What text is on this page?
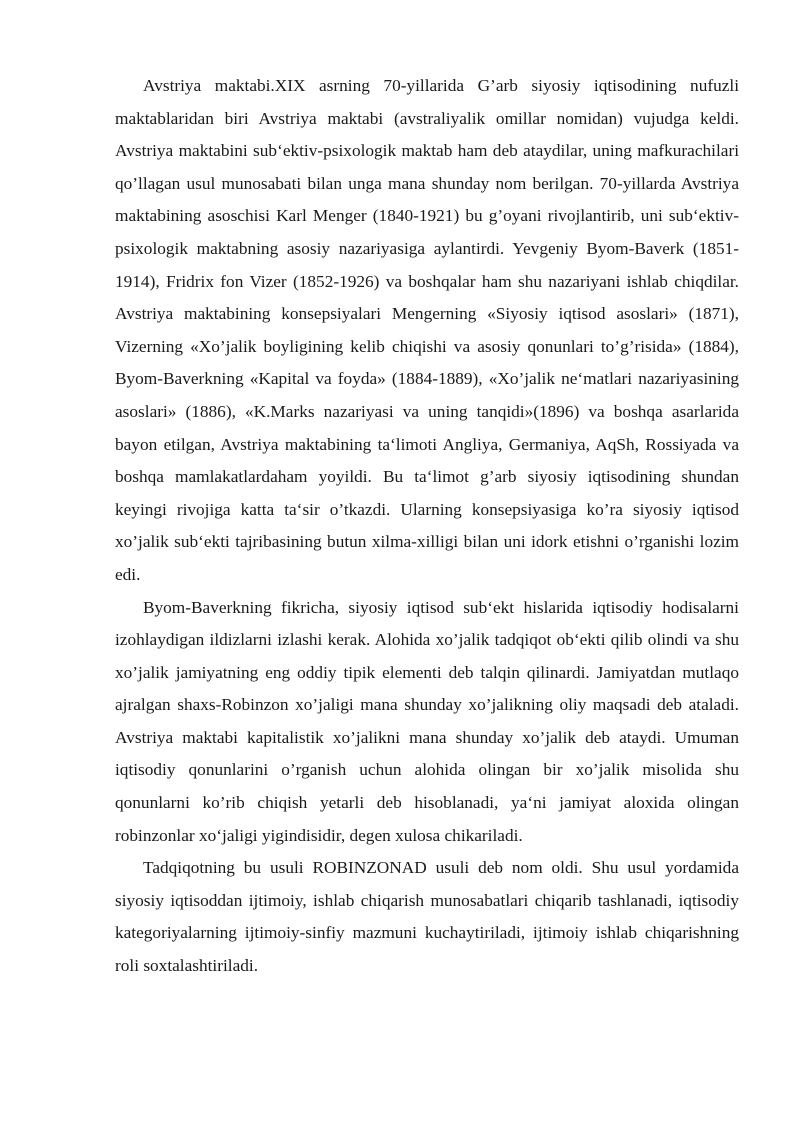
Avstriya maktabi.XIX asrning 70-yillarida G’arb siyosiy iqtisodining nufuzli maktablaridan biri Avstriya maktabi (avstraliyalik omillar nomidan) vujudga keldi. Avstriya maktabini sub‘ektiv-psixologik maktab ham deb ataydilar, uning mafkurachilari qo’llagan usul munosabati bilan unga mana shunday nom berilgan. 70-yillarda Avstriya maktabining asoschisi Karl Menger (1840-1921) bu g’oyani rivojlantirib, uni sub‘ektiv-psixologik maktabning asosiy nazariyasiga aylantirdi. Yevgeniy Byom-Baverk (1851-1914), Fridrix fon Vizer (1852-1926) va boshqalar ham shu nazariyani ishlab chiqdilar. Avstriya maktabining konsepsiyalari Mengerning «Siyosiy iqtisod asoslari» (1871), Vizerning «Xo’jalik boyligining kelib chiqishi va asosiy qonunlari to’g’risida» (1884), Byom-Baverkning «Kapital va foyda» (1884-1889), «Xo’jalik ne‘matlari nazariyasining asoslari» (1886), «K.Marks nazariyasi va uning tanqidi»(1896) va boshqa asarlarida bayon etilgan, Avstriya maktabining ta‘limoti Angliya, Germaniya, AqSh, Rossiyada va boshqa mamlakatlardaham yoyildi. Bu ta‘limot g’arb siyosiy iqtisodining shundan keyingi rivojiga katta ta‘sir o’tkazdi. Ularning konsepsiyasiga ko’ra siyosiy iqtisod xo’jalik sub‘ekti tajribasining butun xilma-xilligi bilan uni idork etishni o’rganishi lozim edi.

Byom-Baverkning fikricha, siyosiy iqtisod sub‘ekt hislarida iqtisodiy hodisalarni izohlaydigan ildizlarni izlashi kerak. Alohida xo’jalik tadqiqot ob‘ekti qilib olindi va shu xo’jalik jamiyatning eng oddiy tipik elementi deb talqin qilinardi. Jamiyatdan mutlaqo ajralgan shaxs-Robinzon xo’jaligi mana shunday xo’jalikning oliy maqsadi deb ataladi. Avstriya maktabi kapitalistik xo’jalikni mana shunday xo’jalik deb ataydi. Umuman iqtisodiy qonunlarini o’rganish uchun alohida olingan bir xo’jalik misolida shu qonunlarni ko’rib chiqish yetarli deb hisoblanadi, ya‘ni jamiyat aloxida olingan robinzonlar xo‘jaligi yigindisidir, degen xulosa chikariladi.

Tadqiqotning bu usuli ROBINZONAD usuli deb nom oldi. Shu usul yordamida siyosiy iqtisoddan ijtimoiy, ishlab chiqarish munosabatlari chiqarib tashlanadi, iqtisodiy kategoriyalarning ijtimoiy-sinfiy mazmuni kuchaytiriladi, ijtimoiy ishlab chiqarishning roli soxtalashtiriladi.
